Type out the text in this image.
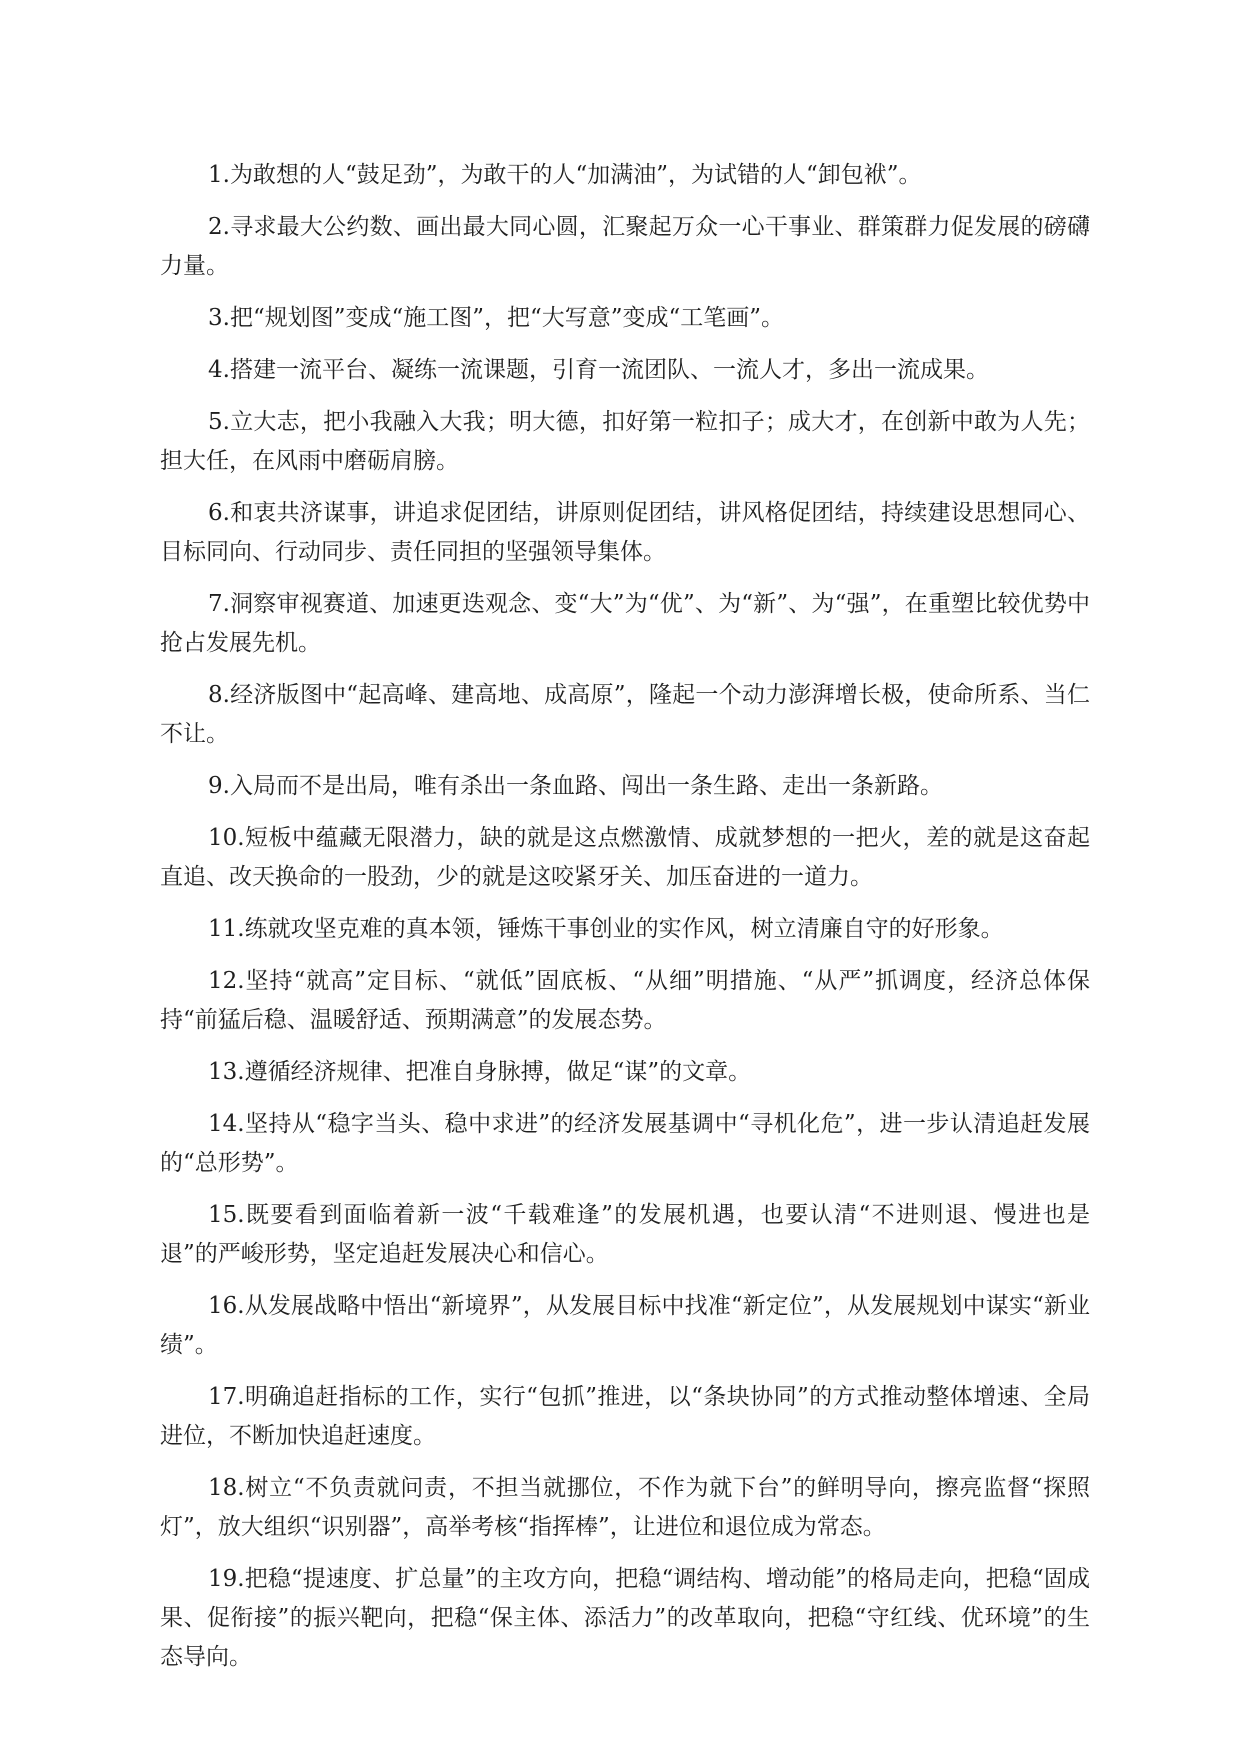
1.为敢想的人“鼓足劲”，为敢干的人“加满油”，为试错的人“卸包袱”。

2.寻求最大公约数、画出最大同心圆，汇聚起万众一心干事业、群策群力促发展的磅礴力量。

3.把“规划图”变成“施工图”，把“大写意”变成“工笔画”。

4.搭建一流平台、凝练一流课题，引育一流团队、一流人才，多出一流成果。

5.立大志，把小我融入大我；明大德，扣好第一粒扣子；成大才，在创新中敢为人先；担大任，在风雨中磨砺肩膀。

6.和衷共济谋事，讲追求促团结，讲原则促团结，讲风格促团结，持续建设思想同心、目标同向、行动同步、责任同担的坚强领导集体。

7.洞察审视赛道、加速更迭观念、变“大”为“优”、为“新”、为“强”，在重塑比较优势中抢占发展先机。

8.经济版图中“起高峰、建高地、成高原”，隆起一个动力澎湃增长极，使命所系、当仁不让。

9.入局而不是出局，唯有杀出一条血路、闯出一条生路、走出一条新路。

10.短板中蕴藏无限潜力，缺的就是这点燃激情、成就梦想的一把火，差的就是这奋起直追、改天换命的一股劲，少的就是这咬紧牙关、加压奋进的一道力。

11.练就攻坚克难的真本领，锤炼干事创业的实作风，树立清廉自守的好形象。

12.坚持“就高”定目标、“就低”固底板、“从细”明措施、“从严”抓调度，经济总体保持“前猛后稳、温暖舒适、预期满意”的发展态势。

13.遵循经济规律、把准自身脉搏，做足“谋”的文章。

14.坚持从“稳字当头、稳中求进”的经济发展基调中“寻机化危”，进一步认清追赶发展的“总形势”。

15.既要看到面临着新一波“千载难逢”的发展机遇，也要认清“不进则退、慢进也是退”的严峻形势，坚定追赶发展决心和信心。

16.从发展战略中悟出“新境界”，从发展目标中找准“新定位”，从发展规划中谋实“新业绩”。

17.明确追赶指标的工作，实行“包抓”推进，以“条块协同”的方式推动整体增速、全局进位，不断加快追赶速度。

18.树立“不负责就问责，不担当就挪位，不作为就下台”的鲜明导向，擦亮监督“探照灯”，放大组织“识别器”，高举考核“指挥棒”，让进位和退位成为常态。

19.把稳“提速度、扩总量”的主攻方向，把稳“调结构、增动能”的格局走向，把稳“固成果、促衔接”的振兴靶向，把稳“保主体、添活力”的改革取向，把稳“守红线、优环境”的生态导向。
